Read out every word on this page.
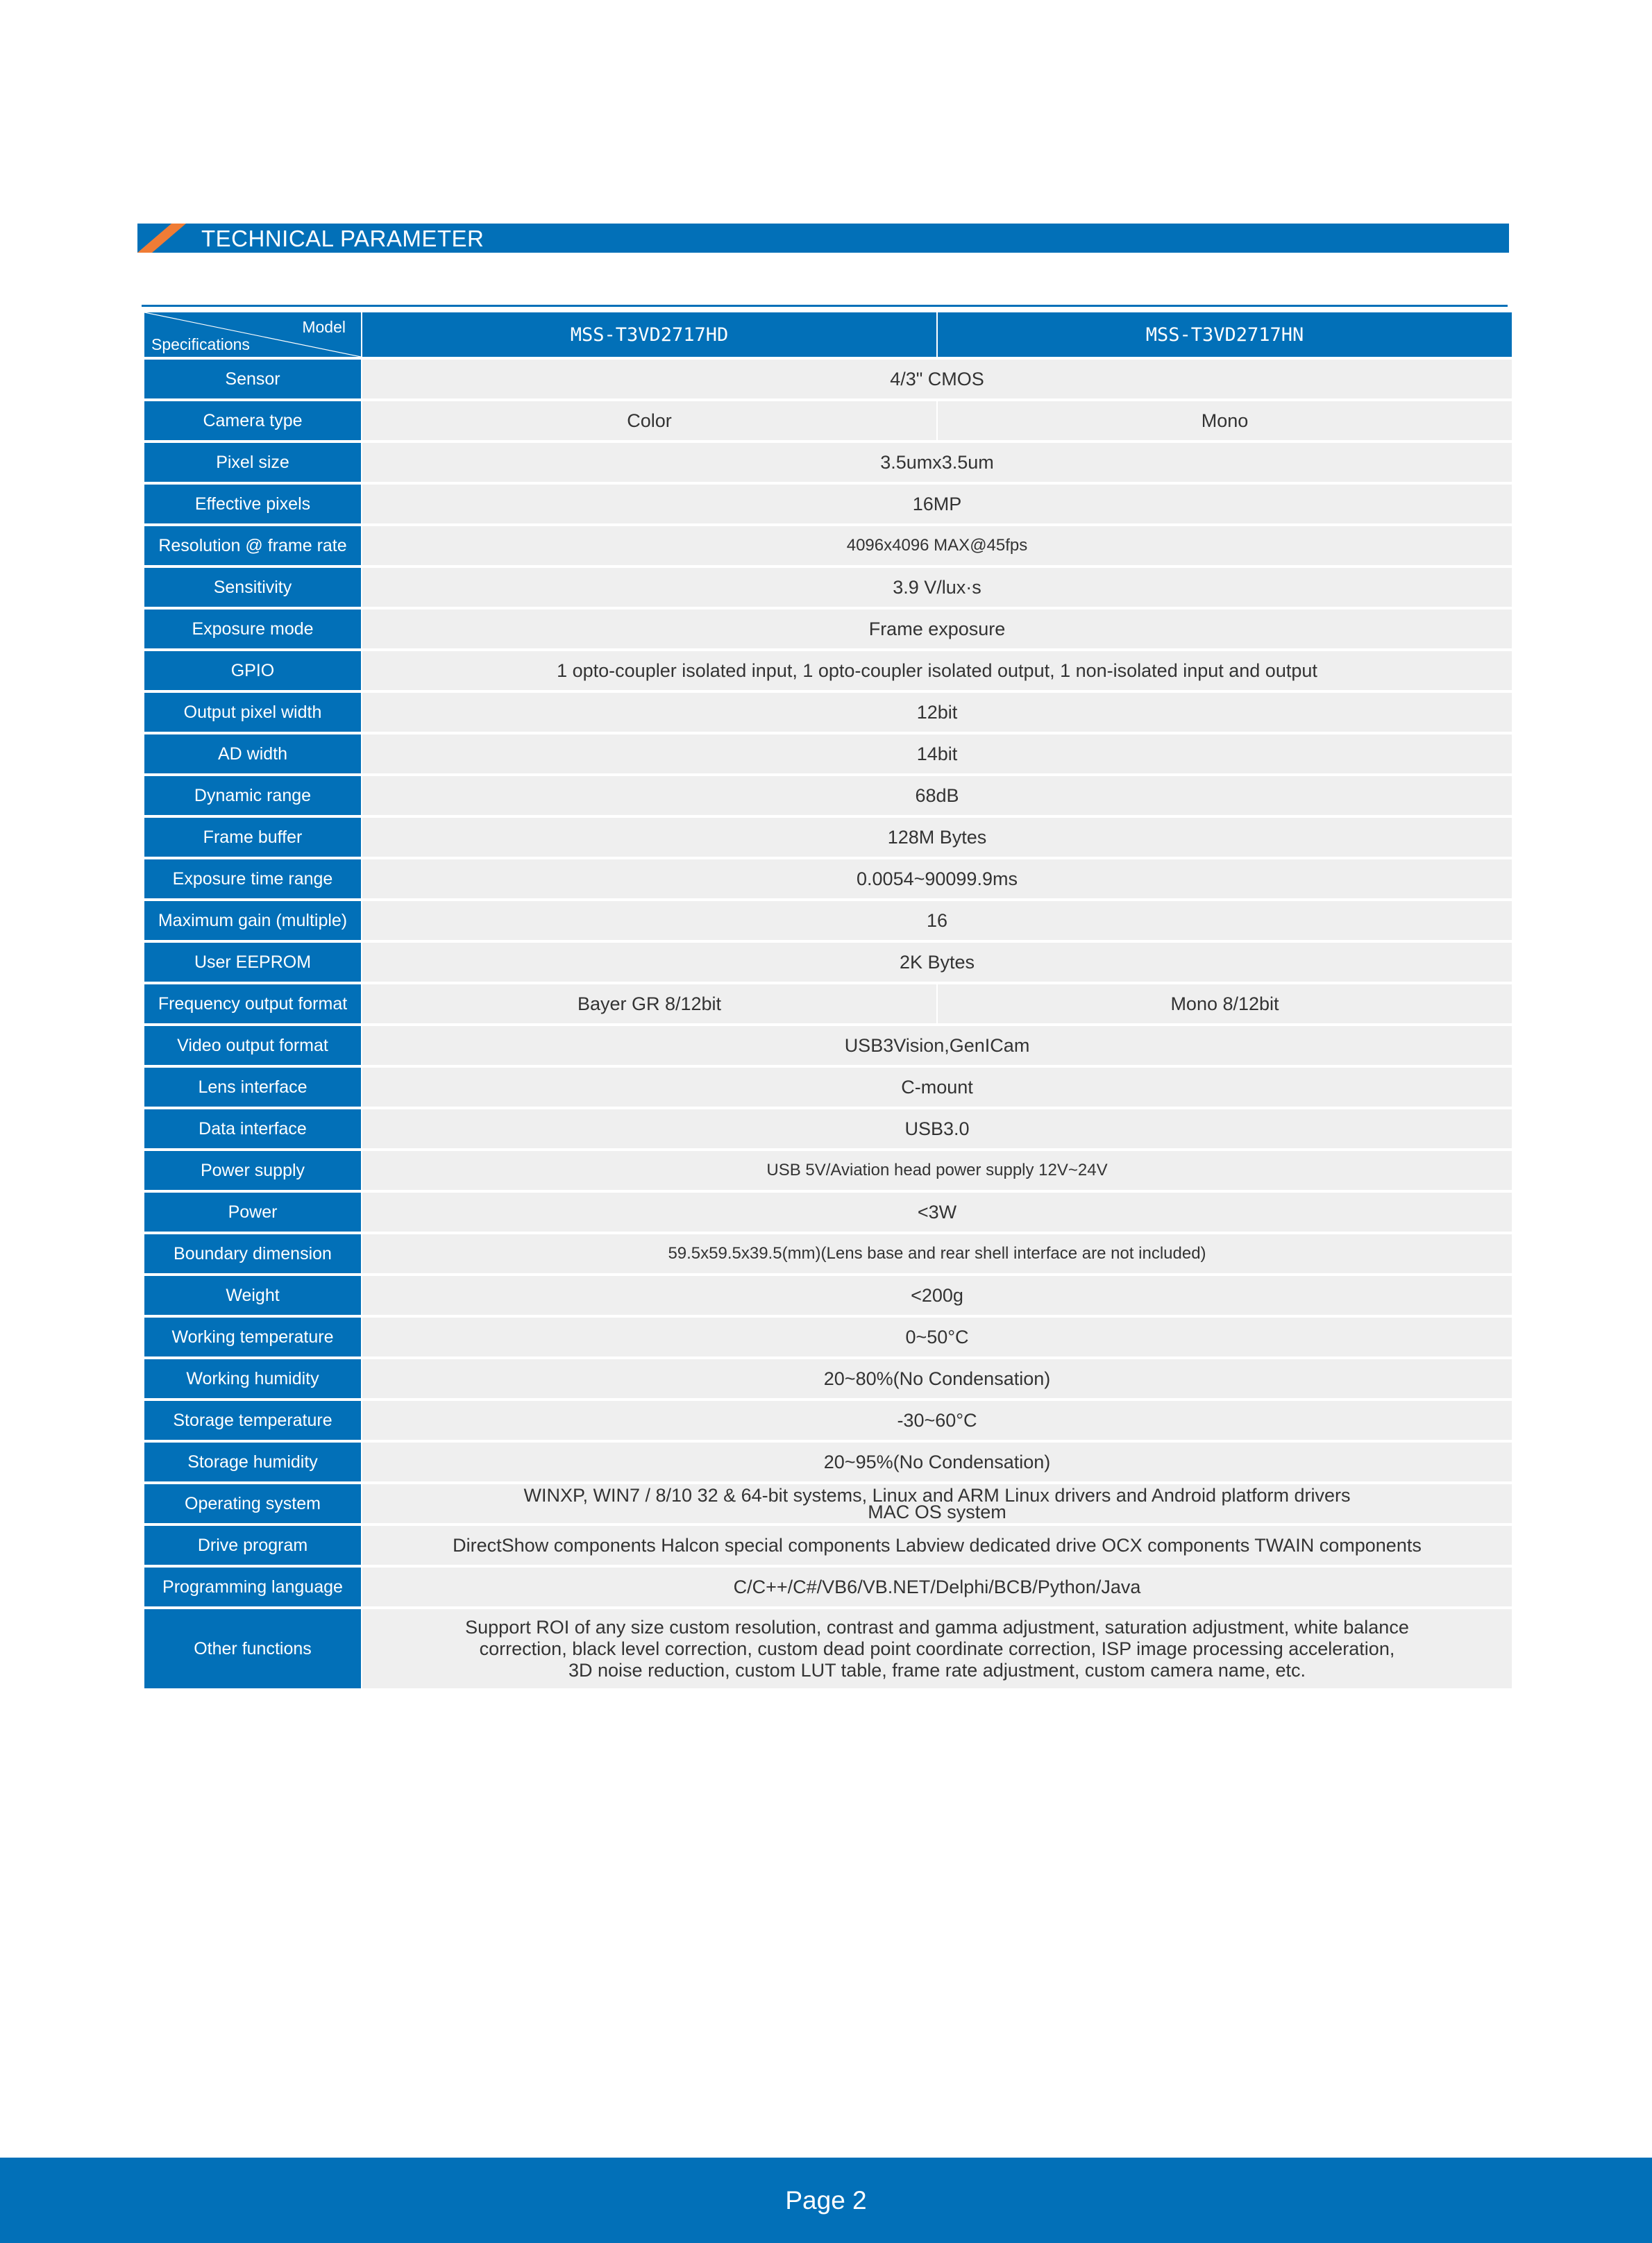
TECHNICAL PARAMETER
Model
Specifications	MSS-T3VD2717HD	MSS-T3VD2717HN
Sensor	4/3" CMOS	

Camera type	Color	Mono
Pixel size	3.5umx3.5um	

Effective pixels	16MP	

Resolution @ frame rate	4096x4096 MAX@45fps	

Sensitivity	3.9 V/lux·s	

Exposure mode	Frame exposure	

GPIO	1 opto-coupler isolated input, 1 opto-coupler isolated output, 1 non-isolated input and output	

Output pixel width	12bit	

AD width	14bit	

Dynamic range	68dB	

Frame buffer	128M Bytes	

Exposure time range	0.0054~90099.9ms	

Maximum gain (multiple)	16	

User EEPROM	2K Bytes	

Frequency output format	Bayer GR 8/12bit	Mono 8/12bit
Video output format	USB3Vision,GenICam	

Lens interface	C-mount	

Data interface	USB3.0	

Power supply	USB 5V/Aviation head power supply 12V~24V	

Power	<3W	

Boundary dimension	59.5x59.5x39.5(mm)(Lens base and rear shell interface are not included)	

Weight	<200g	

Working temperature	0~50°C	

Working humidity	20~80%(No Condensation)	

Storage temperature	-30~60°C	

Storage humidity	20~95%(No Condensation)	

Operating system	WINXP, WIN7 / 8/10 32 & 64-bit systems, Linux and ARM Linux drivers and Android platform drivers
MAC OS system	

Drive program	DirectShow components Halcon special components Labview dedicated drive OCX components TWAIN components	

Programming language	C/C++/C#/VB6/VB.NET/Delphi/BCB/Python/Java	

Other functions	Support ROI of any size custom resolution, contrast and gamma adjustment, saturation adjustment, white balance
correction, black level correction, custom dead point coordinate correction, ISP image processing acceleration,
3D noise reduction, custom LUT table, frame rate adjustment, custom camera name, etc.	
Page 2
